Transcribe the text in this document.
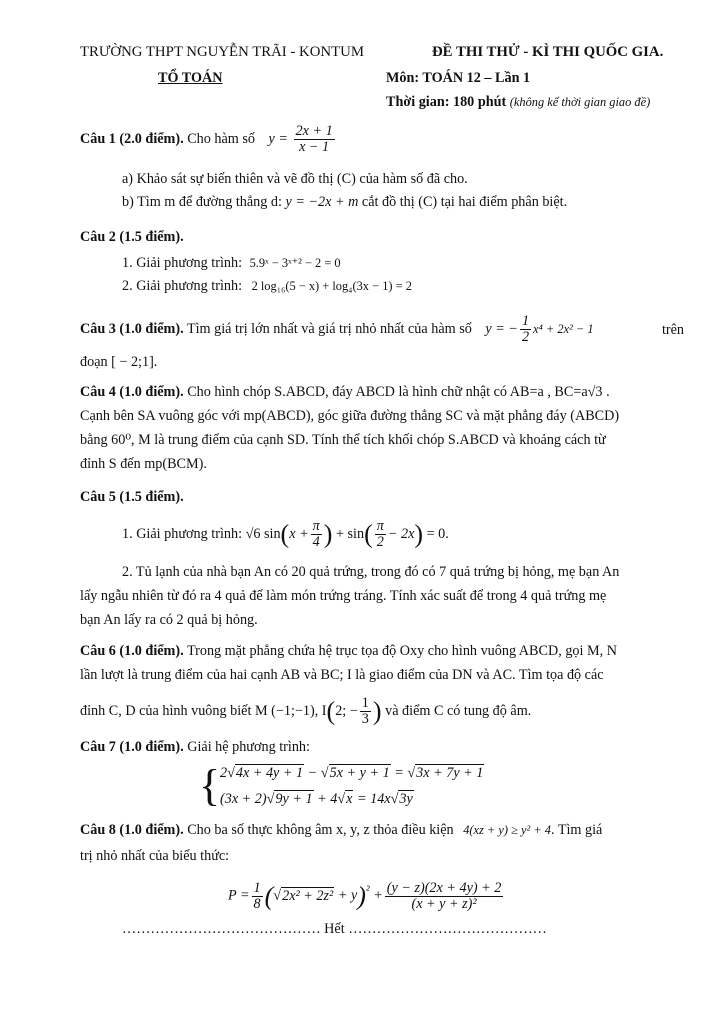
TRƯỜNG THPT NGUYỄN TRÃI - KONTUM	ĐỀ THI THỬ - KÌ THI QUỐC GIA.
TỔ TOÁN	Môn: TOÁN 12 – Lần 1
Thời gian: 180 phút (không kể thời gian giao đề)
Câu 1 (2.0 điểm). Cho hàm số $y = \frac{2x + 1}{x - 1}$
a) Khảo sát sự biến thiên và vẽ đồ thị (C) của hàm số đã cho.
b) Tìm m để đường thẳng d: y = −2x + m cắt đồ thị (C) tại hai điểm phân biệt.
Câu 2 (1.5 điểm).
1. Giải phương trình: 5.9ˣ − 3ˣ⁺² − 2 = 0
2. Giải phương trình: 2 log₁₆(5 − x) + log₄(3x − 1) = 2
Câu 3 (1.0 điểm). Tìm giá trị lớn nhất và giá trị nhỏ nhất của hàm số y = − $\frac{1}{2} x^4 + 2x^2 - 1$	trên
đoạn [ − 2;1].
Câu 4 (1.0 điểm). Cho hình chóp S.ABCD, đáy ABCD là hình chữ nhật có AB=a , BC=a√3 .
Cạnh bên SA vuông góc với mp(ABCD), góc giữa đường thẳng SC và mặt phẳng đáy (ABCD)
bằng 60⁰, M là trung điểm của cạnh SD. Tính thể tích khối chóp S.ABCD và khoảng cách từ
đỉnh S đến mp(BCM).
Câu 5 (1.5 điểm).
1. Giải phương trình: √6 $\sin(x + \frac{\pi}{4}$ ) + $\sin( \frac{\pi}{2} - 2x) = 0$.
2. Tủ lạnh của nhà bạn An có 20 quả trứng, trong đó có 7 quả trứng bị hỏng, mẹ bạn An
lấy ngẫu nhiên từ đó ra 4 quả để làm món trứng tráng. Tính xác suất để trong 4 quả trứng mẹ
bạn An lấy ra có 2 quả bị hỏng.
Câu 6 (1.0 điểm). Trong mặt phẳng chứa hệ trục tọa độ Oxy cho hình vuông ABCD, gọi M, N
lần lượt là trung điểm của hai cạnh AB và BC; I là giao điểm của DN và AC. Tìm tọa độ các
đỉnh C, D của hình vuông biết M (−1;−1), I(2; − $\frac{1}{3}$ ) và điểm C có tung độ âm.
Câu 7 (1.0 điểm). Giải hệ phương trình:
{ 2√4x + 4y + 1 − √5x + y + 1 = √3x + 7y + 1
(3x + 2)√9y + 1 + 4√x = 14x√3y
Câu 8 (1.0 điểm). Cho ba số thực không âm x, y, z thỏa điều kiện 4(xz + y) ≥ y² + 4. Tìm giá
trị nhỏ nhất của biểu thức:
$P = \frac{1}{8} (√2x^2 + 2z^2 + y)^{^2} + \frac{(y - z)(2x + 4y) + 2}{\text{(x + y + z)²}}$
…………………………………… Hết ……………………………………
